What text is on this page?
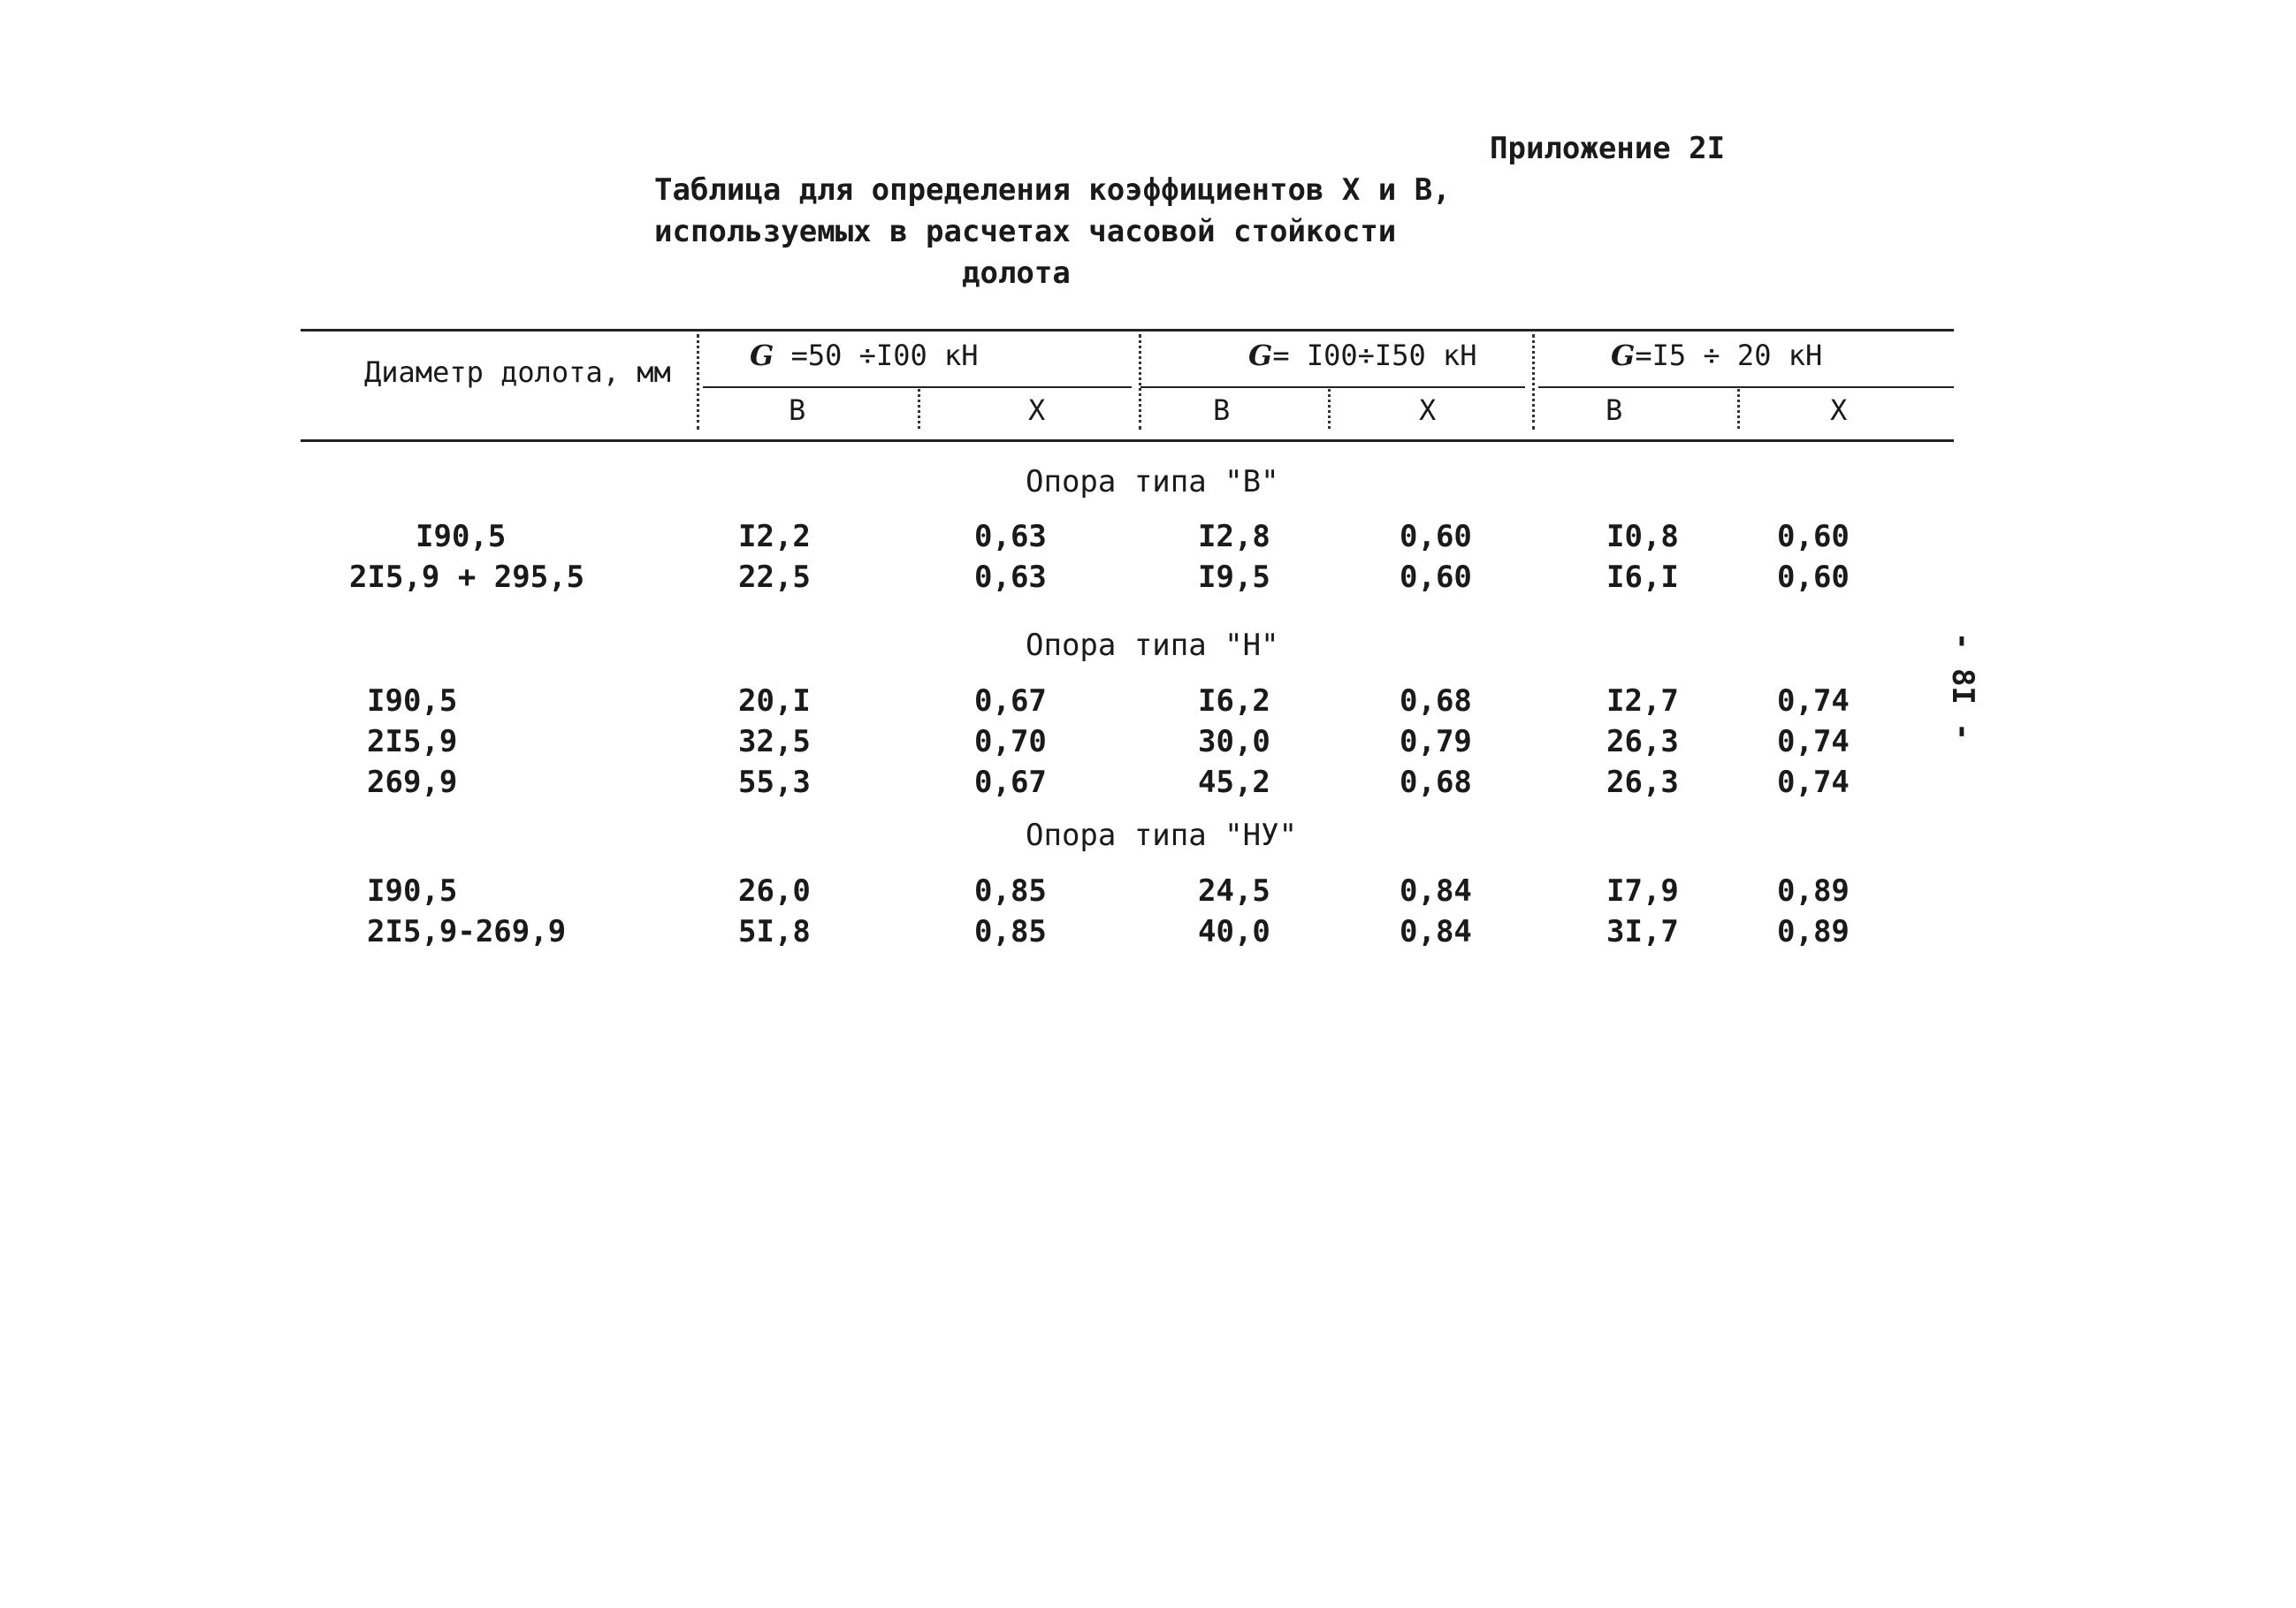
Приложение 2I
Таблица для определения коэффициентов X и B,
используемых в расчетах часовой стойкости
долота
Диаметр долота, мм	G =50 ÷I00 кН	G= I00÷I50 кН	G=I5 ÷ 20 кН
B	X	B	X	B	X
Опора типа "В"
I90,5	I2,2	0,63	I2,8	0,60	I0,8	0,60
2I5,9 + 295,5	22,5	0,63	I9,5	0,60	I6,I	0,60
Опора типа "Н"
I90,5	20,I	0,67	I6,2	0,68	I2,7	0,74
2I5,9	32,5	0,70	30,0	0,79	26,3	0,74
269,9	55,3	0,67	45,2	0,68	26,3	0,74
Опора типа "НУ"
I90,5	26,0	0,85	24,5	0,84	I7,9	0,89
2I5,9-269,9	5I,8	0,85	40,0	0,84	3I,7	0,89
- 8I -
